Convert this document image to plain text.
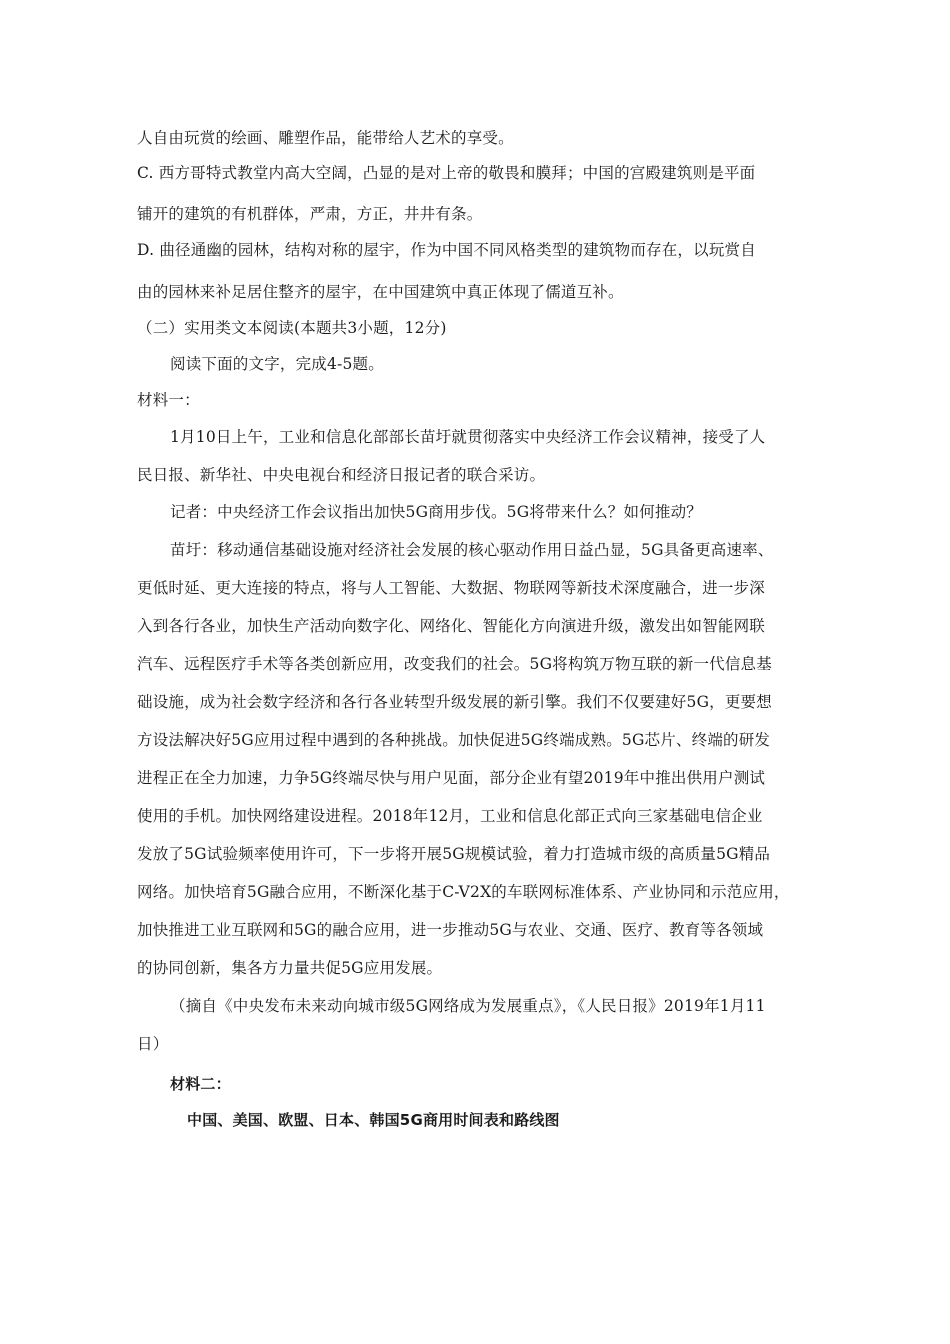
人自由玩赏的绘画、雕塑作品，能带给人艺术的享受。
C. 西方哥特式教堂内高大空阔，凸显的是对上帝的敬畏和膜拜；中国的宫殿建筑则是平面
铺开的建筑的有机群体，严肃，方正，井井有条。
D. 曲径通幽的园林，结构对称的屋宇，作为中国不同风格类型的建筑物而存在，以玩赏自
由的园林来补足居住整齐的屋宇，在中国建筑中真正体现了儒道互补。
（二）实用类文本阅读(本题共3小题，12分)
阅读下面的文字，完成4-5题。
材料一：
1月10日上午，工业和信息化部部长苗圩就贯彻落实中央经济工作会议精神，接受了人
民日报、新华社、中央电视台和经济日报记者的联合采访。
记者：中央经济工作会议指出加快5G商用步伐。5G将带来什么？如何推动？
苗圩：移动通信基础设施对经济社会发展的核心驱动作用日益凸显，5G具备更高速率、
更低时延、更大连接的特点，将与人工智能、大数据、物联网等新技术深度融合，进一步深
入到各行各业，加快生产活动向数字化、网络化、智能化方向演进升级，激发出如智能网联
汽车、远程医疗手术等各类创新应用，改变我们的社会。5G将构筑万物互联的新一代信息基
础设施，成为社会数字经济和各行各业转型升级发展的新引擎。我们不仅要建好5G，更要想
方设法解决好5G应用过程中遇到的各种挑战。加快促进5G终端成熟。5G芯片、终端的研发
进程正在全力加速，力争5G终端尽快与用户见面，部分企业有望2019年中推出供用户测试
使用的手机。加快网络建设进程。2018年12月，工业和信息化部正式向三家基础电信企业
发放了5G试验频率使用许可，下一步将开展5G规模试验，着力打造城市级的高质量5G精品
网络。加快培育5G融合应用，不断深化基于C-V2X的车联网标准体系、产业协同和示范应用，
加快推进工业互联网和5G的融合应用，进一步推动5G与农业、交通、医疗、教育等各领域
的协同创新，集各方力量共促5G应用发展。
（摘自《中央发布未来动向城市级5G网络成为发展重点》，《人民日报》2019年1月11
日）
材料二：
中国、美国、欧盟、日本、韩国5G商用时间表和路线图
